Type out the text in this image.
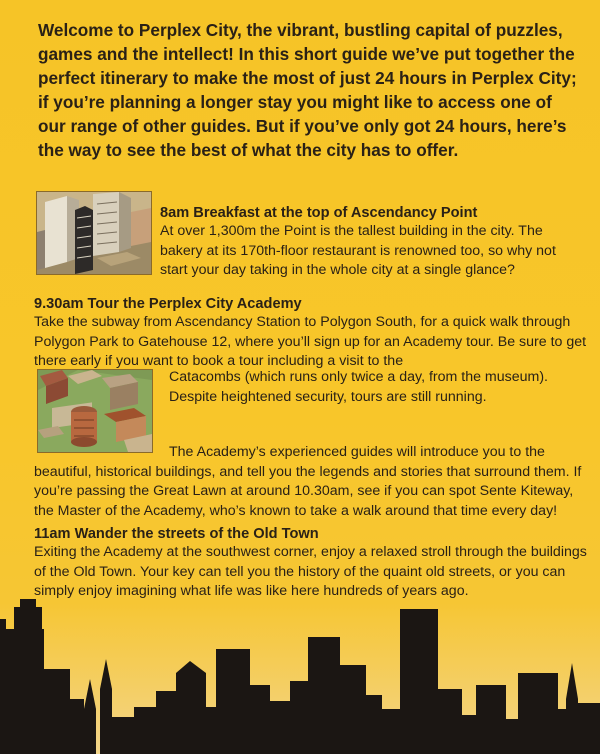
Welcome to Perplex City, the vibrant, bustling capital of puzzles, games and the intellect! In this short guide we’ve put together the perfect itinerary to make the most of just 24 hours in Perplex City; if you’re planning a longer stay you might like to access one of our range of other guides. But if you’ve only got 24 hours, here’s the way to see the best of what the city has to offer.

8am Breakfast at the top of Ascendancy Point

At over 1,300m the Point is the tallest building in the city. The bakery at its 170th-floor restaurant is renowned too, so why not start your day taking in the whole city at a single glance?

9.30am Tour the Perplex City Academy

Take the subway from Ascendancy Station to Polygon South, for a quick walk through Polygon Park to Gatehouse 12, where you’ll sign up for an Academy tour. Be sure to get there early if you want to book a tour including a visit to the

Catacombs (which runs only twice a day, from the museum). Despite heightened security, tours are still running.

The Academy’s experienced guides will introduce you to the

beautiful, historical buildings, and tell you the legends and stories that surround them. If you’re passing the Great Lawn at around 10.30am, see if you can spot Sente Kiteway, the Master of the Academy, who’s known to take a walk around that time every day!

11am Wander the streets of the Old Town

Exiting the Academy at the southwest corner, enjoy a relaxed stroll through the buildings of the Old Town. Your key can tell you the history of the quaint old streets, or you can simply enjoy imagining what life was like here hundreds of years ago.
